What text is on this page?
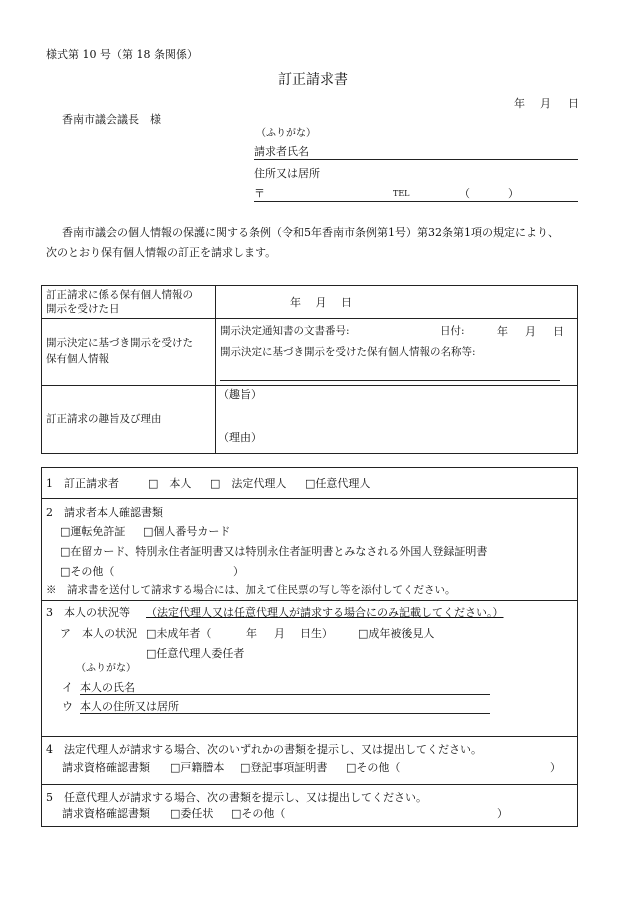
様式第 10 号（第 18 条関係）
訂正請求書
年 月 日
香南市議会議長　様
（ふりがな）
請求者氏名
住所又は居所
〒	TEL	（	）
香南市議会の個人情報の保護に関する条例（令和5年香南市条例第1号）第32条第1項の規定により、
次のとおり保有個人情報の訂正を請求します。
訂正請求に係る保有個人情報の
開示を受けた日	年　 月　 日
開示決定に基づき開示を受けた
保有個人情報
開示決定通知書の文書番号:	日付:	年 月 日
開示決定に基づき開示を受けた保有個人情報の名称等:
訂正請求の趣旨及び理由
（趣旨）
（理由）
1　訂正請求者	□　本人 □　法定代理人 □任意代理人
2　請求者本人確認書類
□運転免許証 □個人番号カード
□在留カード、特別永住者証明書又は特別永住者証明書とみなされる外国人登録証明書
□その他（	）
※　請求書を送付して請求する場合には、加えて住民票の写し等を添付してください。
3　本人の状況等 （法定代理人又は任意代理人が請求する場合にのみ記載してください。）
ア　本人の状況 □未成年者（	年 月 日生） □成年被後見人
□任意代理人委任者
（ふりがな）
イ 本人の氏名
ウ 本人の住所又は居所
4　法定代理人が請求する場合、次のいずれかの書類を提示し、又は提出してください。
請求資格確認書類 □戸籍謄本 □登記事項証明書 □その他（	）
5　任意代理人が請求する場合、次の書類を提示し、又は提出してください。
請求資格確認書類 □委任状 □その他（	）
